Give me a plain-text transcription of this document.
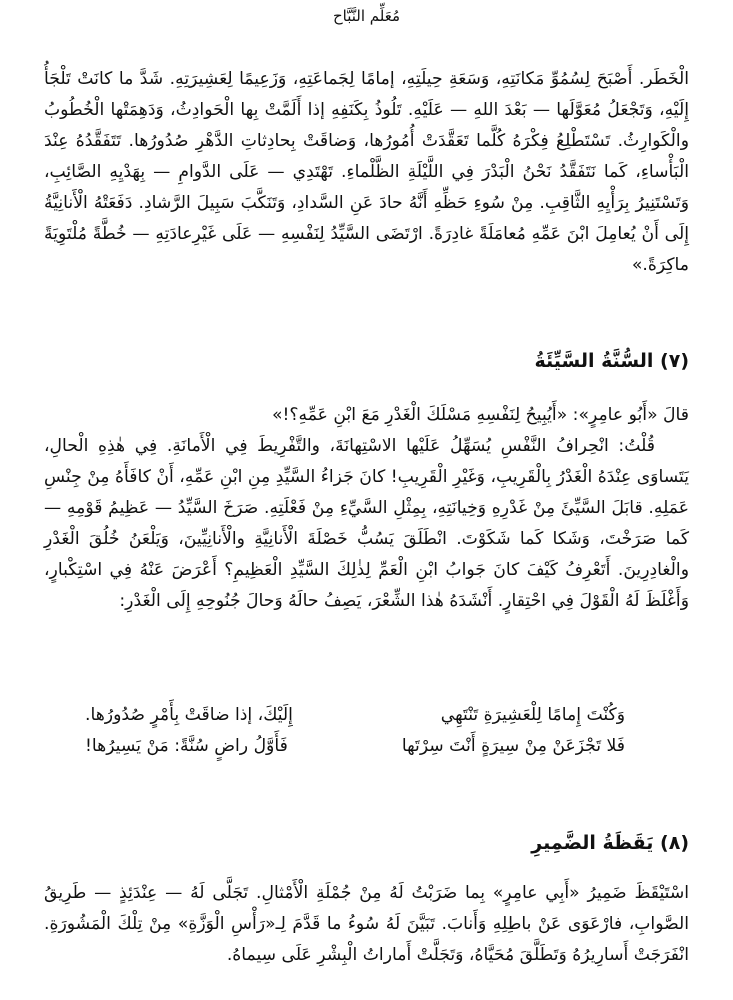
مُعَلِّم النَّبَّاح

الْخَطَر. أَصْبَحَ لِسُمُوِّ مَكانَتِهِ، وَسَعَةِ حِيلَتِهِ، إمامًا لِجَماعَتِهِ، وَزَعِيمًا لِعَشِيرَتِهِ. شَدَّ ما كانَتْ تَلْجَأُ إِلَيْهِ، وَتَجْعَلُ مُعَوَّلَها — بَعْدَ اللهِ — عَلَيْهِ. تَلُوذُ بِكَنَفِهِ إذا أَلَمَّتْ بِها الْحَوادِثُ، وَدَهِمَتْها الْخُطُوبُ والْكَوارِثُ. تَسْتَطْلِعُ فِكْرَهُ كُلَّما تَعَقَّدَتْ أُمُورُها، وَضاقَتْ بِحادِثاتِ الدَّهْرِ صُدُورُها. تَتَفَقَّدُهُ عِنْدَ الْبَأْساءِ، كَما نَتَفَقَّدُ نَحْنُ الْبَدْرَ فِي اللَّيْلَةِ الظَّلْماءِ. تَهْتَدِي — عَلَى الدَّوامِ — بِهَدْيِهِ الصَّائِبِ، وَتَسْتَنِيرُ بِرَأْيِهِ الثَّاقِبِ. مِنْ سُوءِ حَظِّهِ أَنَّهُ حادَ عَنِ السَّدادِ، وَتَنَكَّبَ سَبِيلَ الرَّشادِ. دَفَعَتْهُ الْأَنانِيَّةُ إِلَى أَنْ يُعامِلَ ابْنَ عَمِّهِ مُعامَلَةً غادِرَةً. ارْتَضَى السَّيِّدُ لِنَفْسِهِ — عَلَى غَيْرِعادَتِهِ — خُطَّةً مُلْتَوِيَةً ماكِرَةً.»

(٧) السُّنَّةُ السَّيِّئَةُ

قالَ «أَبُو عامِرٍ»: «أَيُبِيحُ لِنَفْسِهِ مَسْلَكَ الْغَدْرِ مَعَ ابْنِ عَمِّهِ؟!»

قُلْتُ: انْحِرافُ النَّفْسِ يُسَهِّلُ عَلَيْها الاسْتِهانَةَ، والتَّفْرِيطَ فِي الْأَمانَةِ. فِي هٰذِهِ الْحالِ، يَتَساوَى عِنْدَهُ الْغَدْرُ بِالْقَرِيبِ، وَغَيْرِ الْقَرِيبِ! كانَ جَزاءُ السَّيِّدِ مِنِ ابْنِ عَمِّهِ، أَنْ كافَأَهُ مِنْ جِنْسِ عَمَلِهِ. قابَلَ السَّيِّئَ مِنْ غَدْرِهِ وَخِيانَتِهِ، بِمِثْلِ السَّيِّءِ مِنْ فَعْلَتِهِ. صَرَخَ السَّيِّدُ — عَظِيمُ قَوْمِهِ — كَما صَرَخْتَ، وَشَكا كَما شَكَوْتَ. انْطَلَقَ يَسُبُّ خَصْلَةَ الْأَنانِيَّةِ والْأَنانِيِّينَ، وَيَلْعَنُ خُلُقَ الْغَدْرِ والْغادِرِينَ. أَتَعْرِفُ كَيْفَ كانَ جَوابُ ابْنِ الْعَمِّ لِذٰلِكَ السَّيِّدِ الْعَظِيمِ؟ أَعْرَضَ عَنْهُ فِي اسْتِكْبارٍ، وَأَغْلَظَ لَهُ الْقَوْلَ فِي احْتِقارٍ. أَنْشَدَهُ هٰذا الشِّعْرَ، يَصِفُ حالَهُ وَحالَ جُنُوحِهِ إِلَى الْغَدْرِ:

وَكُنْتَ إِمامًا لِلْعَشِيرَةِ تَنْتَهِي
إِلَيْكَ، إذا ضاقَتْ بِأَمْرٍ صُدُورُها.
فَلا تَجْزَعَنْ مِنْ سِيرَةٍ أَنْتَ سِرْتَها
فَأَوَّلُ راضٍ سُنَّةً: مَنْ يَسِيرُها!
(٨) يَقَظَةُ الضَّمِيرِ

اسْتَيْقَظَ ضَمِيرُ «أَبِي عامِرٍ» بِما ضَرَبْتُ لَهُ مِنْ جُمْلَةِ الْأَمْثالِ. تَجَلَّى لَهُ — عِنْدَئِذٍ — طَرِيقُ الصَّوابِ، فارْعَوَى عَنْ باطِلِهِ وَأَنابَ. تَبَيَّنَ لَهُ سُوءُ ما قَدَّمَ لِـ«رَأْسِ الْوَزَّةِ» مِنْ تِلْكَ الْمَشُورَةِ. انْفَرَجَتْ أَسارِيرُهُ وَتَطَلَّقَ مُحَيَّاهُ، وَتَجَلَّتْ أَماراتُ الْبِشْرِ عَلَى سِيماهُ.
